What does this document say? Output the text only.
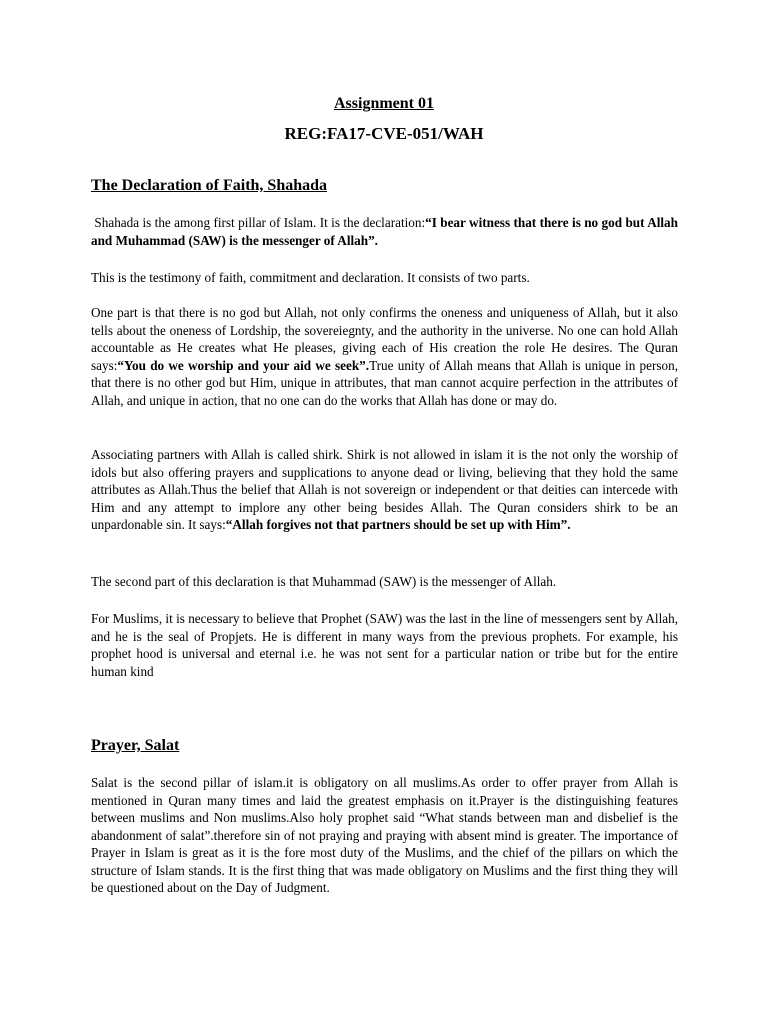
Assignment 01
REG:FA17-CVE-051/WAH
The Declaration of Faith, Shahada

Shahada is the among first pillar of Islam. It is the declaration:“I bear witness that there is no god but Allah and Muhammad (SAW) is the messenger of Allah”.

This is the testimony of faith, commitment and declaration. It consists of two parts.

One part is that there is no god but Allah, not only confirms the oneness and uniqueness of Allah, but it also tells about the oneness of Lordship, the sovereiegnty, and the authority in the universe. No one can hold Allah accountable as He creates what He pleases, giving each of His creation the role He desires. The Quran says:“You do we worship and your aid we seek”.True unity of Allah means that Allah is unique in person, that there is no other god but Him, unique in attributes, that man cannot acquire perfection in the attributes of Allah, and unique in action, that no one can do the works that Allah has done or may do.

Associating partners with Allah is called shirk. Shirk is not allowed in islam it is the not only the worship of idols but also offering prayers and supplications to anyone dead or living, believing that they hold the same attributes as Allah.Thus the belief that Allah is not sovereign or independent or that deities can intercede with Him and any attempt to implore any other being besides Allah. The Quran considers shirk to be an unpardonable sin. It says:“Allah forgives not that partners should be set up with Him”.

The second part of this declaration is that Muhammad (SAW) is the messenger of Allah.

For Muslims, it is necessary to believe that Prophet (SAW) was the last in the line of messengers sent by Allah, and he is the seal of Propjets. He is different in many ways from the previous prophets. For example, his prophet hood is universal and eternal i.e. he was not sent for a particular nation or tribe but for the entire human kind

Prayer, Salat

Salat is the second pillar of islam.it is obligatory on all muslims.As order to offer prayer from Allah is mentioned in Quran many times and laid the greatest emphasis on it.Prayer is the distinguishing features between muslims and Non muslims.Also holy prophet said “What stands between man and disbelief is the abandonment of salat”.therefore sin of not praying and praying with absent mind is greater. The importance of Prayer in Islam is great as it is the fore most duty of the Muslims, and the chief of the pillars on which the structure of Islam stands. It is the first thing that was made obligatory on Muslims and the first thing they will be questioned about on the Day of Judgment.
